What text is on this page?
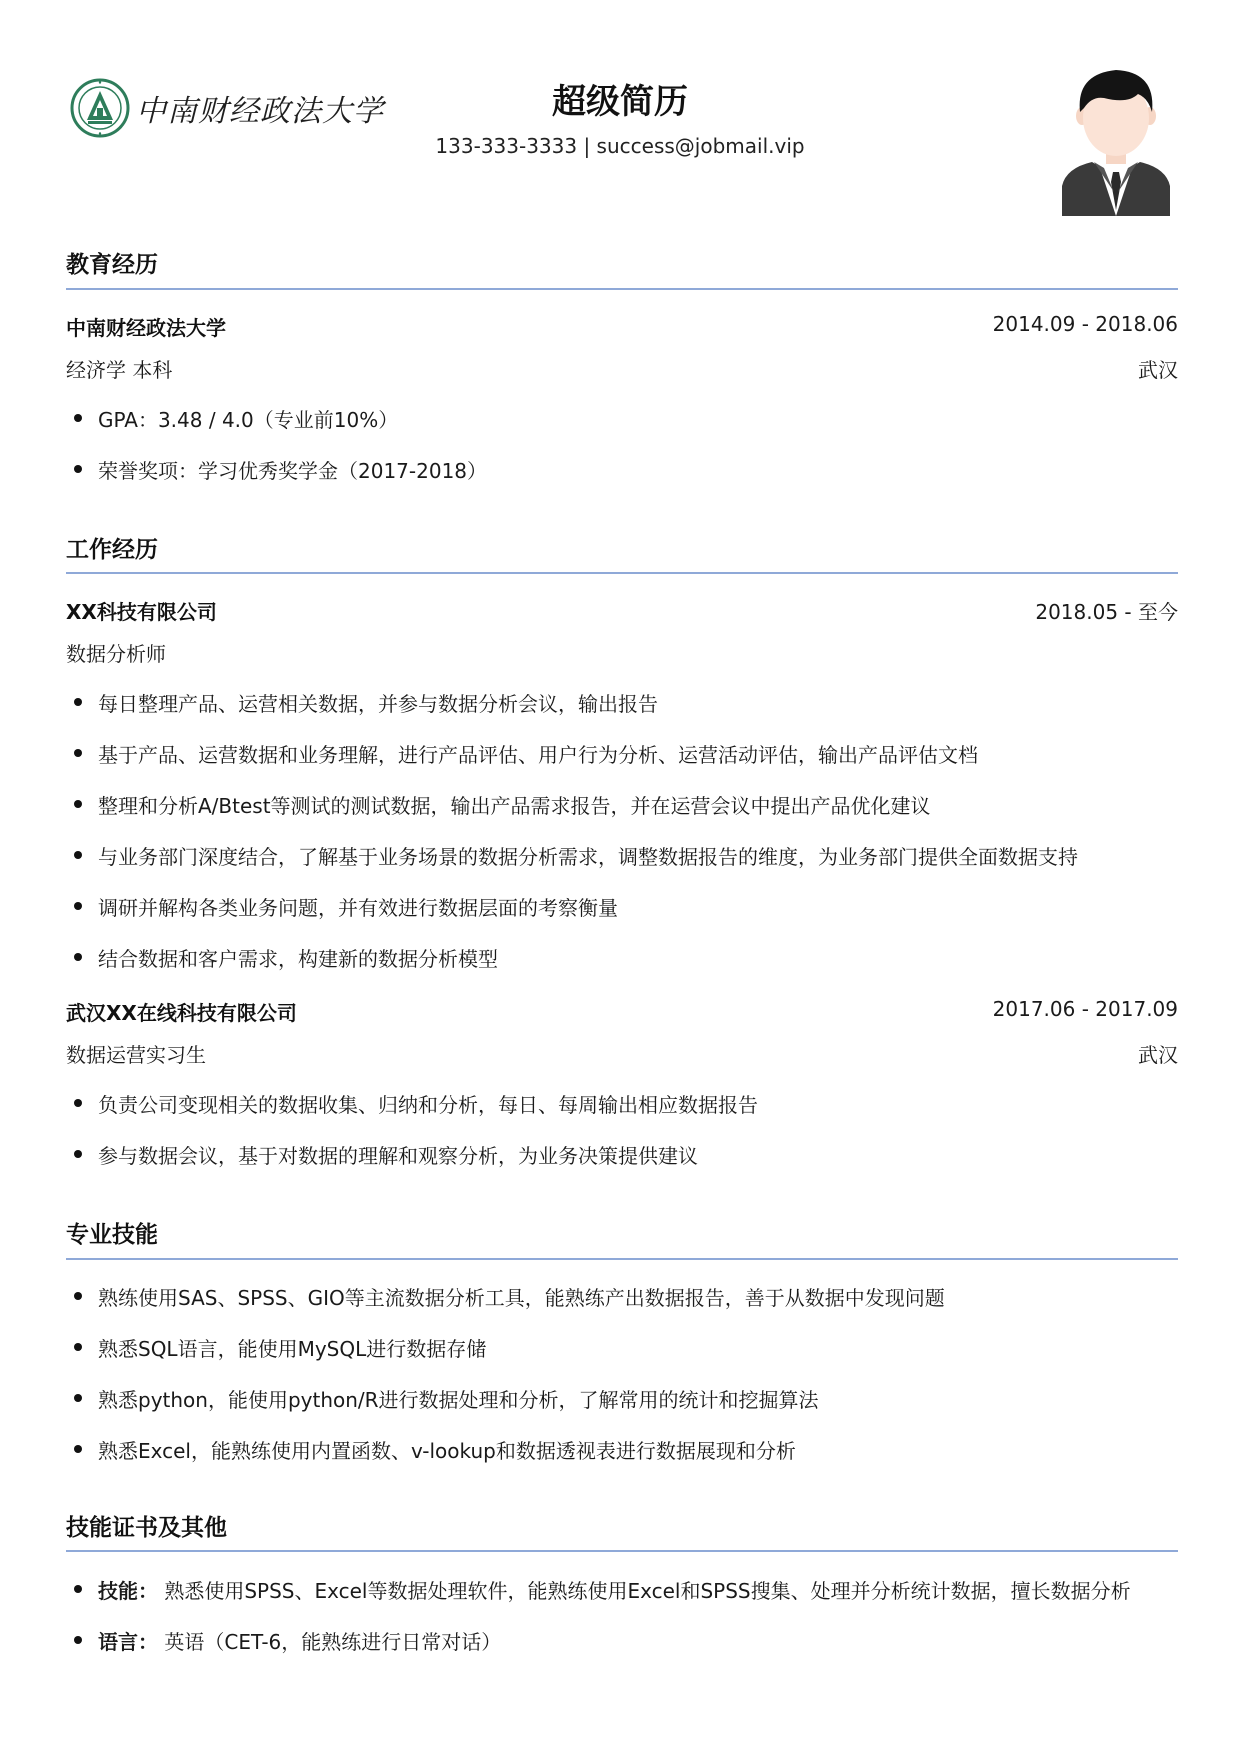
中南财经政法大学	超级简历
133-333-3333 | success@jobmail.vip
教育经历
中南财经政法大学	2014.09 - 2018.06
经济学 本科	武汉
GPA：3.48 / 4.0（专业前10%）
荣誉奖项：学习优秀奖学金（2017-2018）
工作经历
XX科技有限公司	2018.05 - 至今
数据分析师
每日整理产品、运营相关数据，并参与数据分析会议，输出报告
基于产品、运营数据和业务理解，进行产品评估、用户行为分析、运营活动评估，输出产品评估文档
整理和分析A/Btest等测试的测试数据，输出产品需求报告，并在运营会议中提出产品优化建议
与业务部门深度结合，了解基于业务场景的数据分析需求，调整数据报告的维度，为业务部门提供全面数据支持
调研并解构各类业务问题，并有效进行数据层面的考察衡量
结合数据和客户需求，构建新的数据分析模型
武汉XX在线科技有限公司	2017.06 - 2017.09
数据运营实习生	武汉
负责公司变现相关的数据收集、归纳和分析，每日、每周输出相应数据报告
参与数据会议，基于对数据的理解和观察分析，为业务决策提供建议
专业技能
熟练使用SAS、SPSS、GIO等主流数据分析工具，能熟练产出数据报告，善于从数据中发现问题
熟悉SQL语言，能使用MySQL进行数据存储
熟悉python，能使用python/R进行数据处理和分析，了解常用的统计和挖掘算法
熟悉Excel，能熟练使用内置函数、v-lookup和数据透视表进行数据展现和分析
技能证书及其他
技能： 熟悉使用SPSS、Excel等数据处理软件，能熟练使用Excel和SPSS搜集、处理并分析统计数据，擅长数据分析
语言： 英语（CET-6，能熟练进行日常对话）
